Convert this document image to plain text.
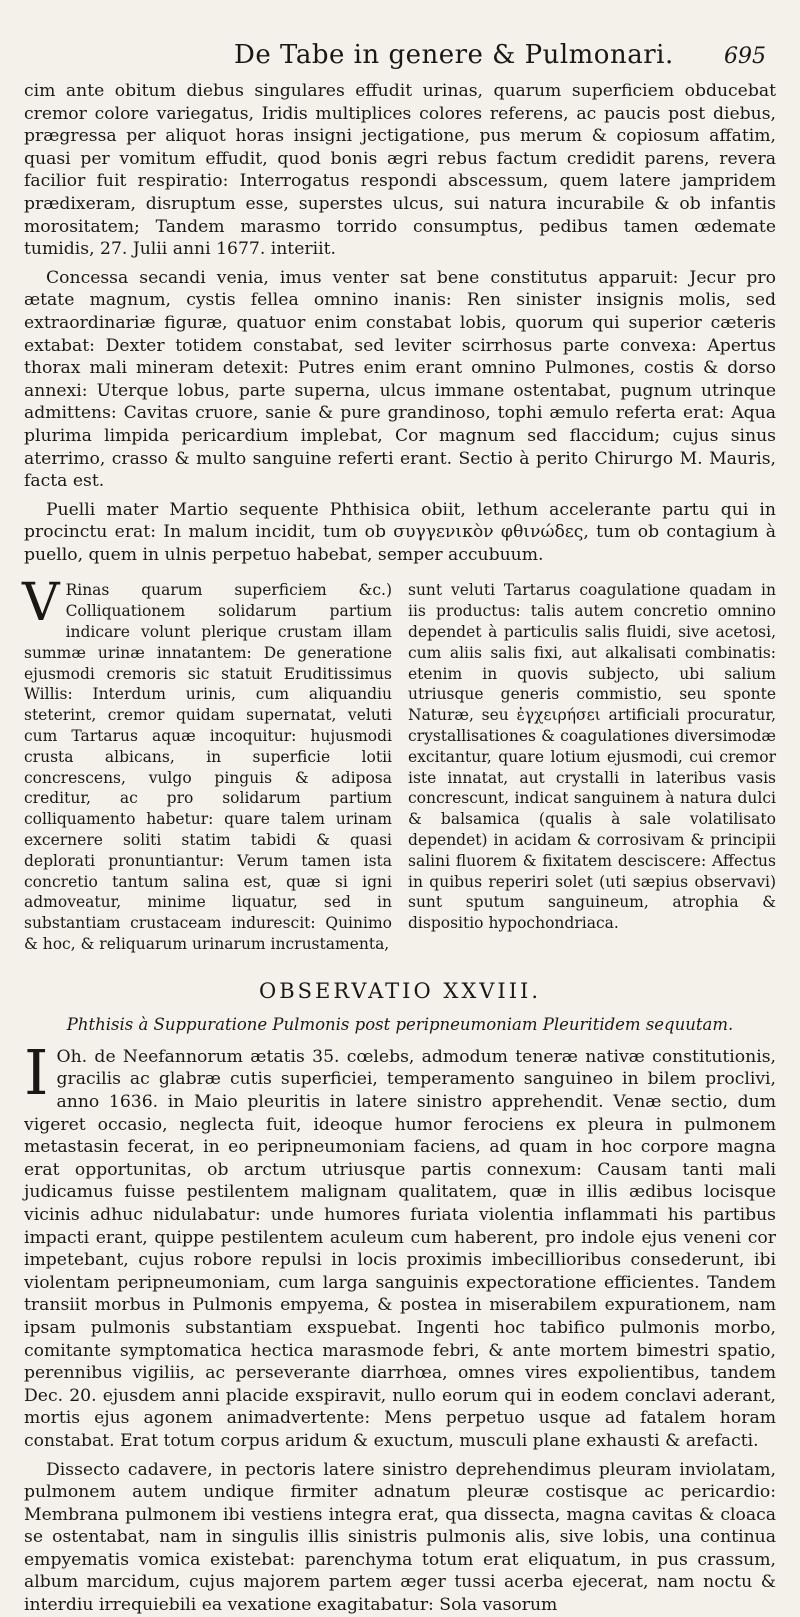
De Tabe in genere & Pulmonari. 695

cim ante obitum diebus singulares effudit urinas, quarum superficiem obducebat cremor colore variegatus, Iridis multiplices colores referens, ac paucis post diebus, prægressa per aliquot horas insigni jectigatione, pus merum & copiosum affatim, quasi per vomitum effudit, quod bonis ægri rebus factum credidit parens, revera facilior fuit respiratio: Interrogatus respondi abscessum, quem latere jampridem prædixeram, disruptum esse, superstes ulcus, sui natura incurabile & ob infantis morositatem; Tandem marasmo torrido consumptus, pedibus tamen œdemate tumidis, 27. Julii anni 1677. interiit.

Concessa secandi venia, imus venter sat bene constitutus apparuit: Jecur pro ætate magnum, cystis fellea omnino inanis: Ren sinister insignis molis, sed extraordinariæ figuræ, quatuor enim constabat lobis, quorum qui superior cæteris extabat: Dexter totidem constabat, sed leviter scirrhosus parte convexa: Apertus thorax mali mineram detexit: Putres enim erant omnino Pulmones, costis & dorso annexi: Uterque lobus, parte superna, ulcus immane ostentabat, pugnum utrinque admittens: Cavitas cruore, sanie & pure grandinoso, tophi æmulo referta erat: Aqua plurima limpida pericardium implebat, Cor magnum sed flaccidum; cujus sinus aterrimo, crasso & multo sanguine referti erant. Sectio à perito Chirurgo M. Mauris, facta est.

Puelli mater Martio sequente Phthisica obiit, lethum accelerante partu qui in procinctu erat: In malum incidit, tum ob συγγενικὸν φθινώδες, tum ob contagium à puello, quem in ulnis perpetuo habebat, semper accubuum.

V Rinas quarum superficiem &c.) Colliquationem solidarum partium indicare volunt plerique crustam illam summæ urinæ innatantem: De generatione ejusmodi cremoris sic statuit Eruditissimus Willis: Interdum urinis, cum aliquandiu steterint, cremor quidam supernatat, veluti cum Tartarus aquæ incoquitur: hujusmodi crusta albicans, in superficie lotii concrescens, vulgo pinguis & adiposa creditur, ac pro solidarum partium colliquamento habetur: quare talem urinam excernere soliti statim tabidi & quasi deplorati pronuntiantur: Verum tamen ista concretio tantum salina est, quæ si igni admoveatur, minime liquatur, sed in substantiam crustaceam indurescit: Quinimo & hoc, & reliquarum urinarum incrustamenta,
sunt veluti Tartarus coagulatione quadam in iis productus: talis autem concretio omnino dependet à particulis salis fluidi, sive acetosi, cum aliis salis fixi, aut alkalisati combinatis: etenim in quovis subjecto, ubi salium utriusque generis commistio, seu sponte Naturæ, seu ἐγχειρήσει artificiali procuratur, crystallisationes & coagulationes diversimodæ excitantur, quare lotium ejusmodi, cui cremor iste innatat, aut crystalli in lateribus vasis concrescunt, indicat sanguinem à natura dulci & balsamica (qualis à sale volatilisato dependet) in acidam & corrosivam & principii salini fluorem & fixitatem desciscere: Affectus in quibus reperiri solet (uti sæpius observavi) sunt sputum sanguineum, atrophia & dispositio hypochondriaca.
OBSERVATIO XXVIII.
Phthisis à Suppuratione Pulmonis post peripneumoniam Pleuritidem sequutam.

I Oh. de Neefannorum ætatis 35. cœlebs, admodum teneræ nativæ constitutionis, gracilis ac glabræ cutis superficiei, temperamento sanguineo in bilem proclivi, anno 1636. in Maio pleuritis in latere sinistro apprehendit. Venæ sectio, dum vigeret occasio, neglecta fuit, ideoque humor ferociens ex pleura in pulmonem metastasin fecerat, in eo peripneumoniam faciens, ad quam in hoc corpore magna erat opportunitas, ob arctum utriusque partis connexum: Causam tanti mali judicamus fuisse pestilentem malignam qualitatem, quæ in illis ædibus locisque vicinis adhuc nidulabatur: unde humores furiata violentia inflammati his partibus impacti erant, quippe pestilentem aculeum cum haberent, pro indole ejus veneni cor impetebant, cujus robore repulsi in locis proximis imbecillioribus consederunt, ibi violentam peripneumoniam, cum larga sanguinis expectoratione efficientes. Tandem transiit morbus in Pulmonis empyema, & postea in miserabilem expurationem, nam ipsam pulmonis substantiam exspuebat. Ingenti hoc tabifico pulmonis morbo, comitante symptomatica hectica marasmode febri, & ante mortem bimestri spatio, perennibus vigiliis, ac perseverante diarrhœa, omnes vires expolientibus, tandem Dec. 20. ejusdem anni placide exspiravit, nullo eorum qui in eodem conclavi aderant, mortis ejus agonem animadvertente: Mens perpetuo usque ad fatalem horam constabat. Erat totum corpus aridum & exuctum, musculi plane exhausti & arefacti.

Dissecto cadavere, in pectoris latere sinistro deprehendimus pleuram inviolatam, pulmonem autem undique firmiter adnatum pleuræ costisque ac pericardio: Membrana pulmonem ibi vestiens integra erat, qua dissecta, magna cavitas & cloaca se ostentabat, nam in singulis illis sinistris pulmonis alis, sive lobis, una continua empyematis vomica existebat: parenchyma totum erat eliquatum, in pus crassum, album marcidum, cujus majorem partem æger tussi acerba ejecerat, nam noctu & interdiu irrequiebili ea vexatione exagitabatur: Sola vasorum
